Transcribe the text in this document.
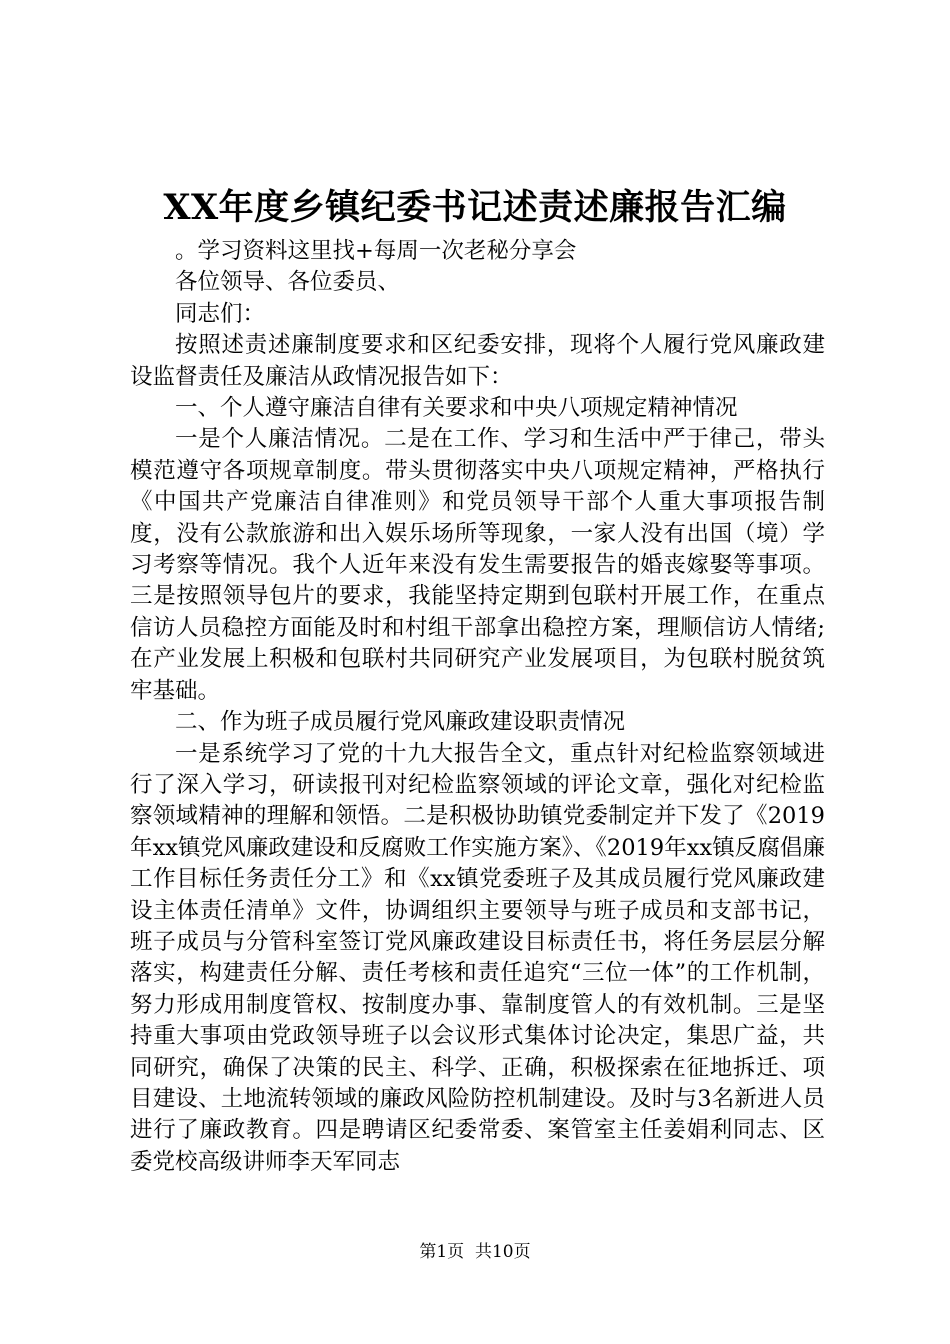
XX年度乡镇纪委书记述责述廉报告汇编

。学习资料这里找+每周一次老秘分享会

各位领导、各位委员、

同志们：

按照述责述廉制度要求和区纪委安排，现将个人履行党风廉政建设监督责任及廉洁从政情况报告如下：

一、个人遵守廉洁自律有关要求和中央八项规定精神情况

一是个人廉洁情况。二是在工作、学习和生活中严于律己，带头模范遵守各项规章制度。带头贯彻落实中央八项规定精神，严格执行《中国共产党廉洁自律准则》和党员领导干部个人重大事项报告制度，没有公款旅游和出入娱乐场所等现象，一家人没有出国（境）学习考察等情况。我个人近年来没有发生需要报告的婚丧嫁娶等事项。三是按照领导包片的要求，我能坚持定期到包联村开展工作，在重点信访人员稳控方面能及时和村组干部拿出稳控方案，理顺信访人情绪;在产业发展上积极和包联村共同研究产业发展项目，为包联村脱贫筑牢基础。

二、作为班子成员履行党风廉政建设职责情况

一是系统学习了党的十九大报告全文，重点针对纪检监察领域进行了深入学习，研读报刊对纪检监察领域的评论文章，强化对纪检监察领域精神的理解和领悟。二是积极协助镇党委制定并下发了《2019年xx镇党风廉政建设和反腐败工作实施方案》、《2019年xx镇反腐倡廉工作目标任务责任分工》和《xx镇党委班子及其成员履行党风廉政建设主体责任清单》文件，协调组织主要领导与班子成员和支部书记，班子成员与分管科室签订党风廉政建设目标责任书，将任务层层分解落实，构建责任分解、责任考核和责任追究“三位一体”的工作机制，努力形成用制度管权、按制度办事、靠制度管人的有效机制。三是坚持重大事项由党政领导班子以会议形式集体讨论决定，集思广益，共同研究，确保了决策的民主、科学、正确，积极探索在征地拆迁、项目建设、土地流转领域的廉政风险防控机制建设。及时与3名新进人员进行了廉政教育。四是聘请区纪委常委、案管室主任姜娟利同志、区委党校高级讲师李天军同志

第1页  共10页
